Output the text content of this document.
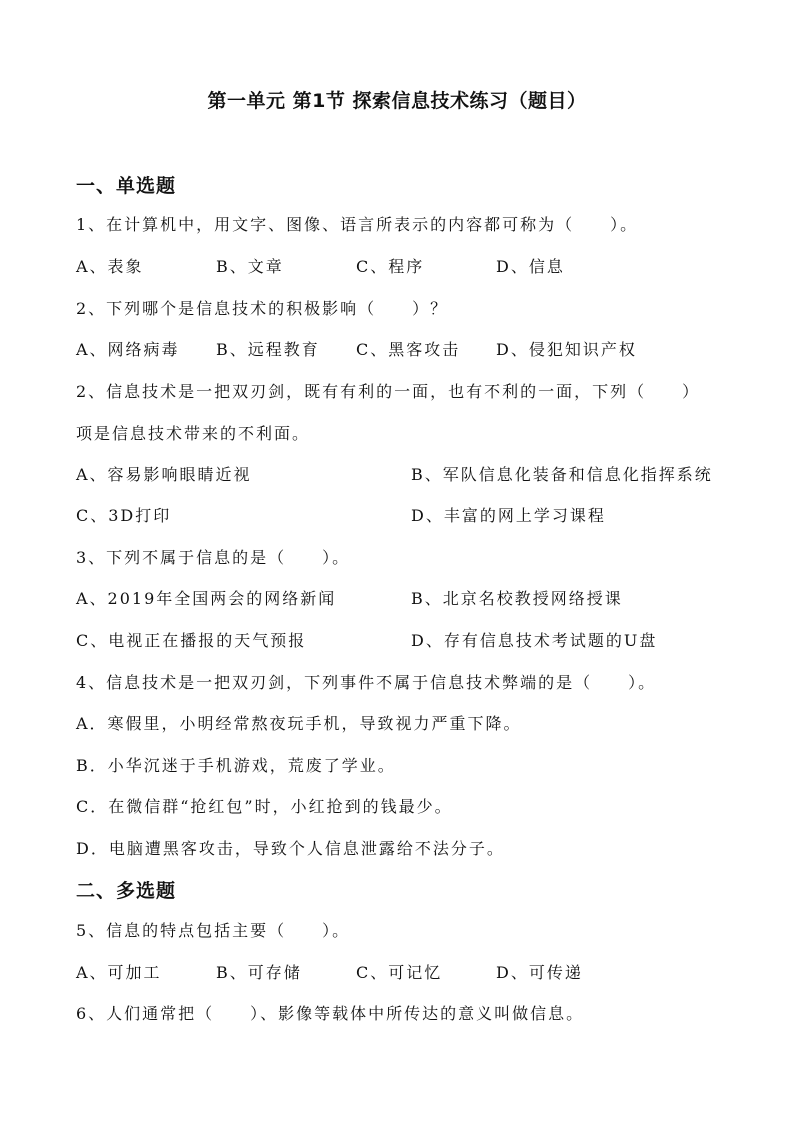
第一单元 第1节 探索信息技术练习（题目）
一、单选题
1、在计算机中，用文字、图像、语言所表示的内容都可称为（　　）。
A、表象	B、文章	C、程序	D、信息
2、下列哪个是信息技术的积极影响（　　）？
A、网络病毒 B、远程教育 C、黑客攻击 D、侵犯知识产权
2、信息技术是一把双刃剑，既有有利的一面，也有不利的一面，下列（　　）
项是信息技术带来的不利面。
A、容易影响眼睛近视	B、军队信息化装备和信息化指挥系统
C、3D打印	D、丰富的网上学习课程
3、下列不属于信息的是（　　）。
A、2019年全国两会的网络新闻	B、北京名校教授网络授课
C、电视正在播报的天气预报	D、存有信息技术考试题的U盘
4、信息技术是一把双刃剑，下列事件不属于信息技术弊端的是（　　）。
A．寒假里，小明经常熬夜玩手机，导致视力严重下降。
B．小华沉迷于手机游戏，荒废了学业。
C．在微信群“抢红包”时，小红抢到的钱最少。
D．电脑遭黑客攻击，导致个人信息泄露给不法分子。
二、多选题
5、信息的特点包括主要（　　）。
A、可加工	B、可存储	C、可记忆	D、可传递
6、人们通常把（　　）、影像等载体中所传达的意义叫做信息。
